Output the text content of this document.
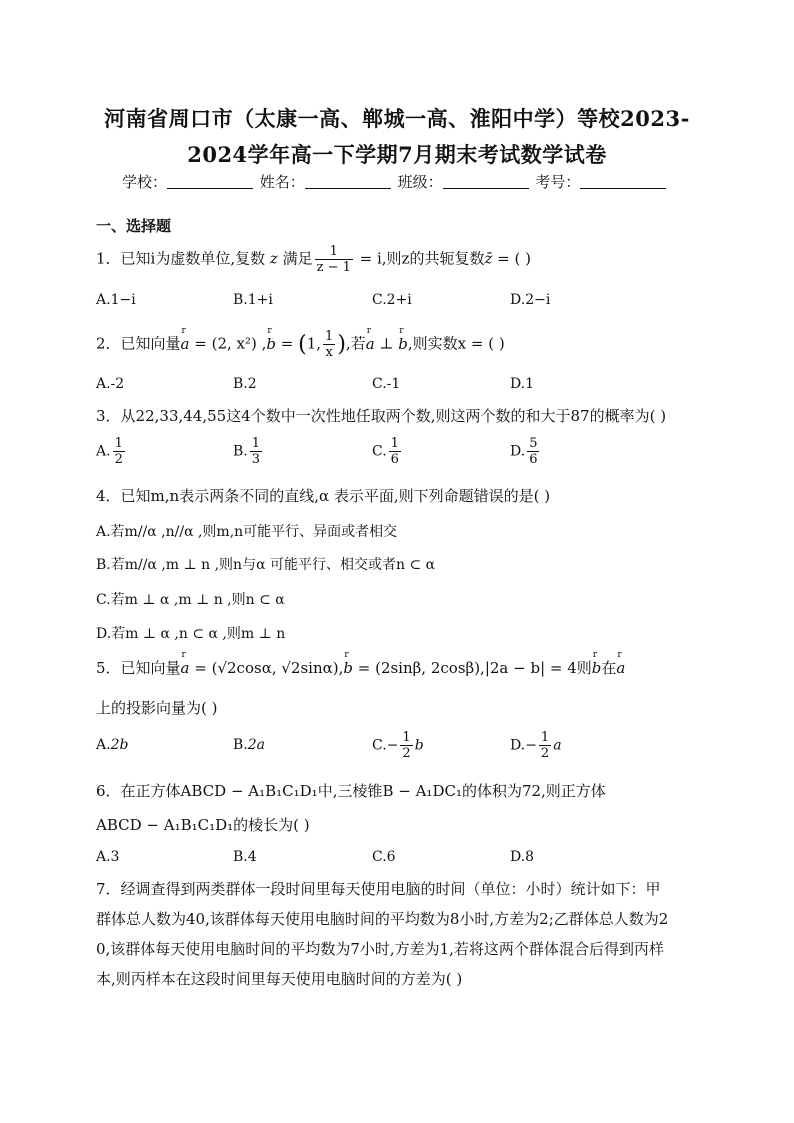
河南省周口市（太康一高、郸城一高、淮阳中学）等校2023-
2024学年高一下学期7月期末考试数学试卷
学校：	姓名：	班级：	考号：
一、选择题
1．已知i为虚数单位,复数 z 满足 $\frac{1}{z - 1} = i$,则z的共轭复数z̄ = ( )
A.1−i	B.1+i	C.2+i	D.2−i
2．已知向量r a = (2, x²) ,r b = (1, $\frac{1}{x}$ ),若r a ⊥ r b,则实数x = ( )
A.-2	B.2	C.-1	D.1
3．从22,33,44,55这4个数中一次性地任取两个数,则这两个数的和大于87的概率为( )
A. $\frac{1}{2}$	B. $\frac{1}{3}$	C. $\frac{1}{6}$	D. $\frac{5}{6}$
4．已知m,n表示两条不同的直线,α 表示平面,则下列命题错误的是( )
A.若m//α ,n//α ,则m,n可能平行、异面或者相交
B.若m//α ,m ⊥ n ,则n与α 可能平行、相交或者n ⊂ α
C.若m ⊥ α ,m ⊥ n ,则n ⊂ α
D.若m ⊥ α ,n ⊂ α ,则m ⊥ n
5．已知向量r a = (√2cosα, √2sinα),r b = (2sinβ, 2cosβ),|2a − b| = 4则r b在r a
上的投影向量为( )
A.2b	B.2a	$C.- \frac{1}{2}$ b	$D.- \frac{1}{2}$ a
6．在正方体ABCD − A₁B₁C₁D₁中,三棱锥B − A₁DC₁的体积为72,则正方体
ABCD − A₁B₁C₁D₁的棱长为( )
A.3	B.4	C.6	D.8
7．经调查得到两类群体一段时间里每天使用电脑的时间（单位：小时）统计如下：甲
群体总人数为40,该群体每天使用电脑时间的平均数为8小时,方差为2;乙群体总人数为2
0,该群体每天使用电脑时间的平均数为7小时,方差为1,若将这两个群体混合后得到丙样
本,则丙样本在这段时间里每天使用电脑时间的方差为( )
